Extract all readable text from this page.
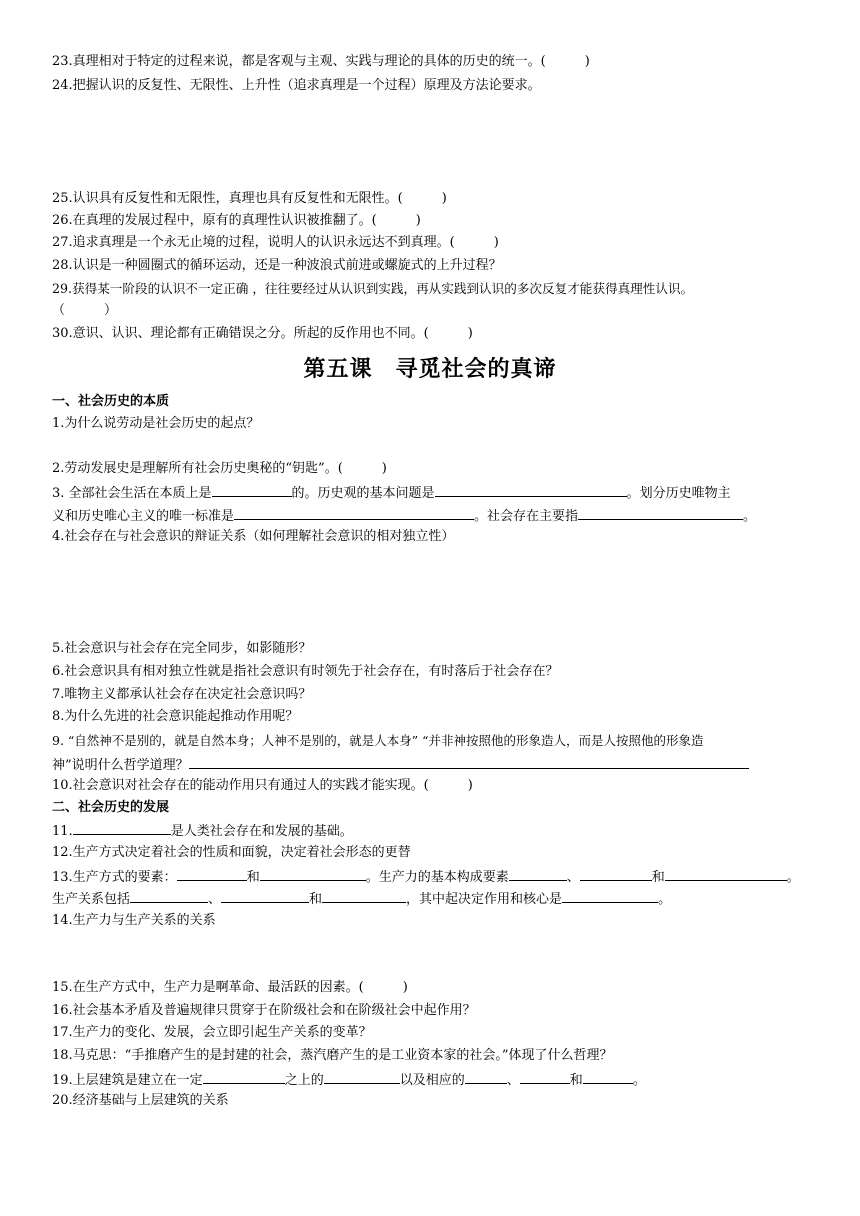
23.真理相对于特定的过程来说，都是客观与主观、实践与理论的具体的历史的统一。(　　　)
24.把握认识的反复性、无限性、上升性（追求真理是一个过程）原理及方法论要求。
25.认识具有反复性和无限性，真理也具有反复性和无限性。(　　　)
26.在真理的发展过程中，原有的真理性认识被推翻了。(　　　)
27.追求真理是一个永无止境的过程，说明人的认识永远达不到真理。(　　　)
28.认识是一种圆圈式的循环运动，还是一种波浪式前进或螺旋式的上升过程？
29.获得某一阶段的认识不一定正确 ，往往要经过从认识到实践，再从实践到认识的多次反复才能获得真理性认识。
（　　　）
30.意识、认识、理论都有正确错误之分。所起的反作用也不同。(　　　)
第五课　寻觅社会的真谛
一、社会历史的本质
1.为什么说劳动是社会历史的起点？
2.劳动发展史是理解所有社会历史奥秘的“钥匙”。(　　　)
3. 全部社会生活在本质上是	的。历史观的基本问题是	。划分历史唯物主
义和历史唯心主义的唯一标准是	。社会存在主要指	。
4.社会存在与社会意识的辩证关系（如何理解社会意识的相对独立性）
5.社会意识与社会存在完全同步，如影随形？
6.社会意识具有相对独立性就是指社会意识有时领先于社会存在，有时落后于社会存在？
7.唯物主义都承认社会存在决定社会意识吗？
8.为什么先进的社会意识能起推动作用呢？
9. “自然神不是别的，就是自然本身；人神不是别的，就是人本身” “并非神按照他的形象造人，而是人按照他的形象造
神”说明什么哲学道理？
10.社会意识对社会存在的能动作用只有通过人的实践才能实现。(　　　)
二、社会历史的发展
11.	是人类社会存在和发展的基础。
12.生产方式决定着社会的性质和面貌，决定着社会形态的更替
13.生产方式的要素：	和	。生产力的基本构成要素	、	和	。
生产关系包括	、	和	，其中起决定作用和核心是	。
14.生产力与生产关系的关系
15.在生产方式中，生产力是啊革命、最活跃的因素。(　　　)
16.社会基本矛盾及普遍规律只贯穿于在阶级社会和在阶级社会中起作用？
17.生产力的变化、发展，会立即引起生产关系的变革？
18.马克思：“手推磨产生的是封建的社会，蒸汽磨产生的是工业资本家的社会。”体现了什么哲理？
19.上层建筑是建立在一定	之上的	以及相应的	、	和	。
20.经济基础与上层建筑的关系
